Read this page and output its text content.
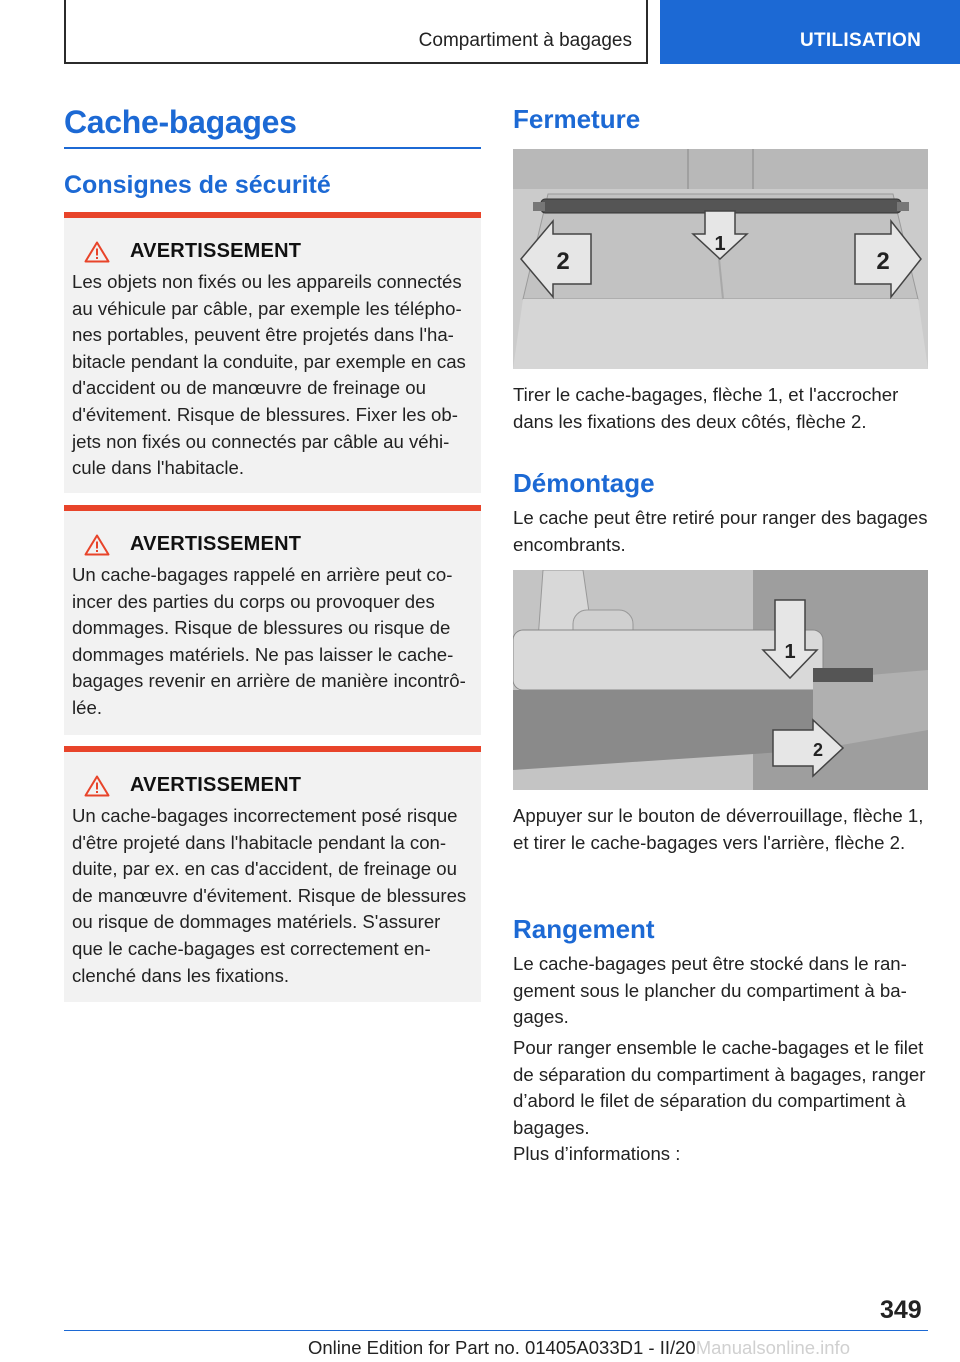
Compartiment à bagages	UTILISATION
Cache-bagages
Consignes de sécurité
AVERTISSEMENT
Les objets non fixés ou les appareils connectés au véhicule par câble, par exemple les téléphones portables, peuvent être projetés dans l'habitacle pendant la conduite, par exemple en cas d'accident ou de manœuvre de freinage ou d'évitement. Risque de blessures. Fixer les objets non fixés ou connectés par câble au véhicule dans l'habitacle.
AVERTISSEMENT
Un cache-bagages rappelé en arrière peut coincer des parties du corps ou provoquer des dommages. Risque de blessures ou risque de dommages matériels. Ne pas laisser le cache-bagages revenir en arrière de manière incontrôlée.
AVERTISSEMENT
Un cache-bagages incorrectement posé risque d'être projeté dans l'habitacle pendant la conduite, par ex. en cas d'accident, de freinage ou de manœuvre d'évitement. Risque de blessures ou risque de dommages matériels. S'assurer que le cache-bagages est correctement enclenché dans les fixations.
Fermeture
1
2	2
Tirer le cache-bagages, flèche 1, et l'accrocher dans les fixations des deux côtés, flèche 2.
Démontage
Le cache peut être retiré pour ranger des bagages encombrants.
1
2
Appuyer sur le bouton de déverrouillage, flèche 1, et tirer le cache-bagages vers l'arrière, flèche 2.
Rangement
Le cache-bagages peut être stocké dans le rangement sous le plancher du compartiment à bagages.
Pour ranger ensemble le cache-bagages et le filet de séparation du compartiment à bagages, ranger d’abord le filet de séparation du compartiment à bagages.
Plus d’informations :
349
Online Edition for Part no. 01405A033D1 - II/20Manualsonline.info
